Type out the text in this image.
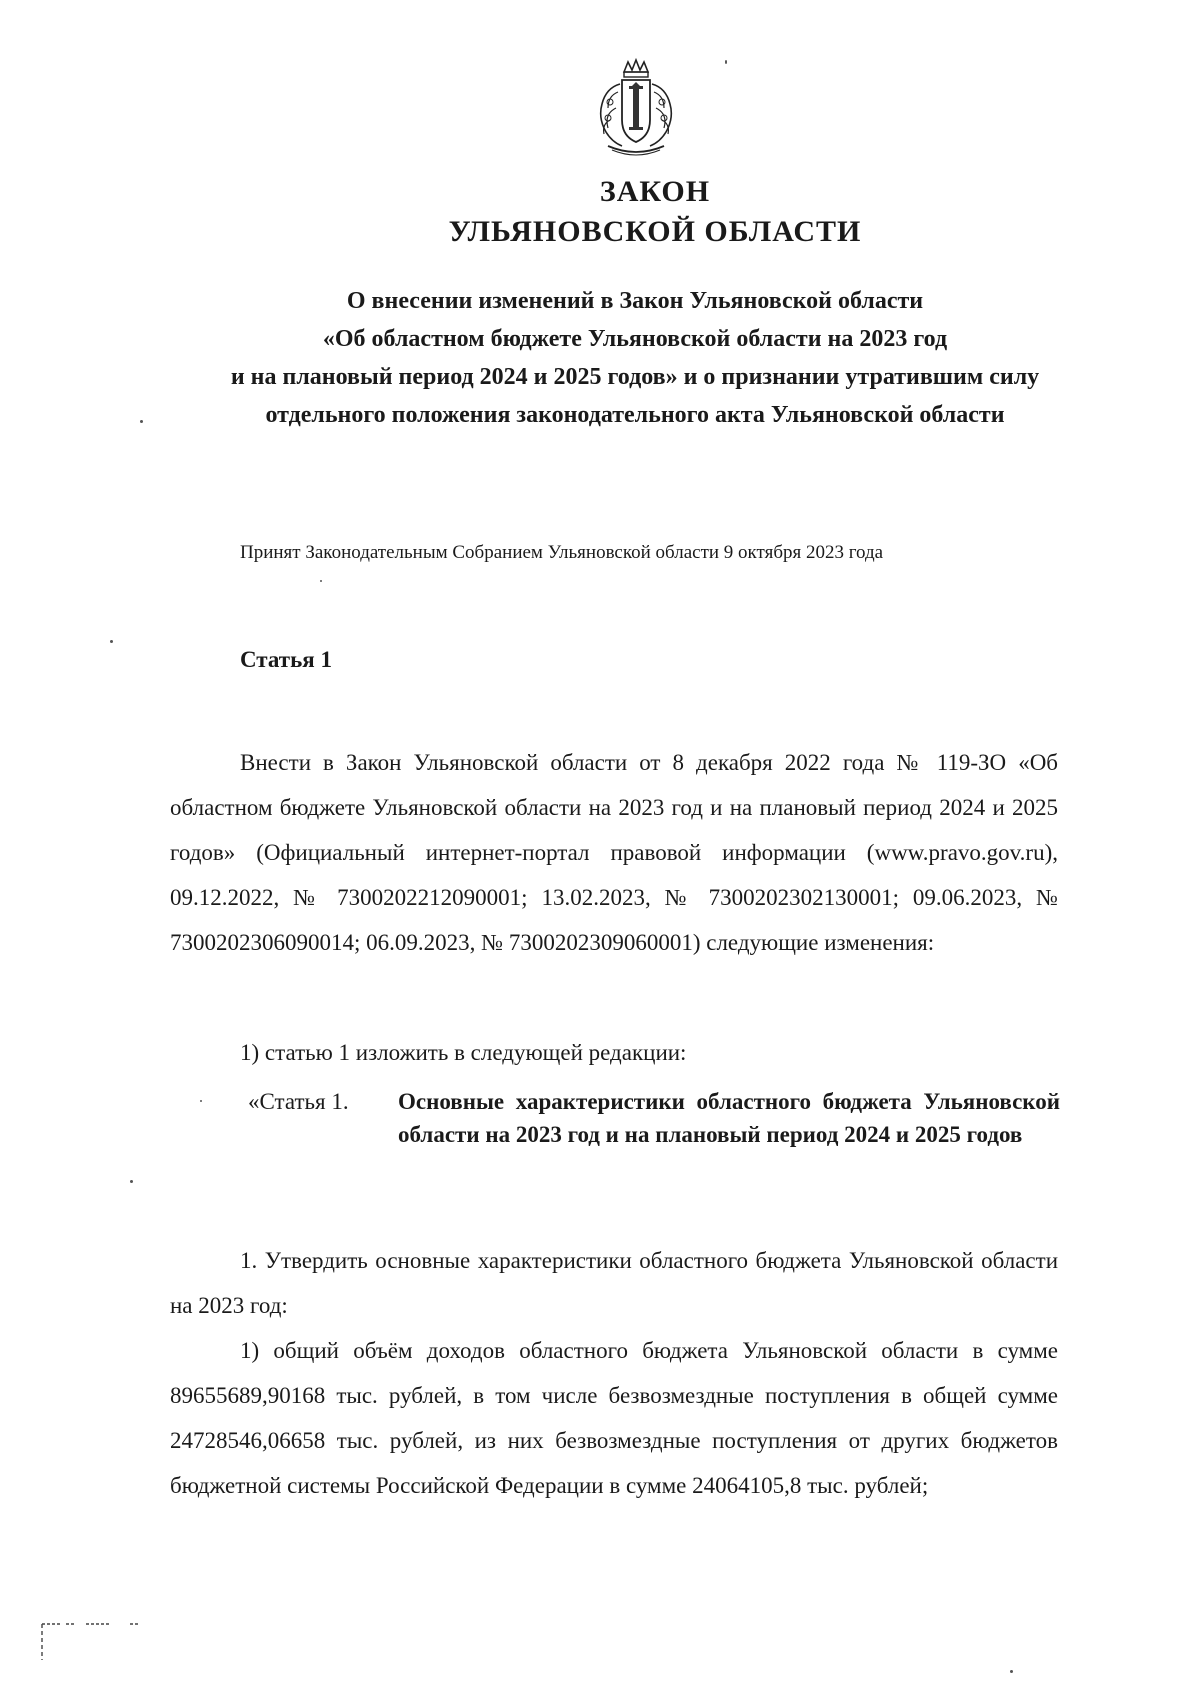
ЗАКОН
УЛЬЯНОВСКОЙ ОБЛАСТИ
О внесении изменений в Закон Ульяновской области
«Об областном бюджете Ульяновской области на 2023 год
и на плановый период 2024 и 2025 годов» и о признании утратившим силу
отдельного положения законодательного акта Ульяновской области
Принят Законодательным Собранием Ульяновской области 9 октября 2023 года
Статья 1
Внести в Закон Ульяновской области от 8 декабря 2022 года № 119-ЗО «Об областном бюджете Ульяновской области на 2023 год и на плановый период 2024 и 2025 годов» (Официальный интернет-портал правовой информации (www.pravo.gov.ru), 09.12.2022, № 7300202212090001; 13.02.2023, № 7300202302130001; 09.06.2023, № 7300202306090014; 06.09.2023, № 7300202309060001) следующие изменения:
1) статью 1 изложить в следующей редакции:
«Статья 1.	Основные характеристики областного бюджета Ульяновской области на 2023 год и на плановый период 2024 и 2025 годов
1. Утвердить основные характеристики областного бюджета Ульяновской области на 2023 год:
1) общий объём доходов областного бюджета Ульяновской области в сумме 89655689,90168 тыс. рублей, в том числе безвозмездные поступления в общей сумме 24728546,06658 тыс. рублей, из них безвозмездные поступления от других бюджетов бюджетной системы Российской Федерации в сумме 24064105,8 тыс. рублей;
